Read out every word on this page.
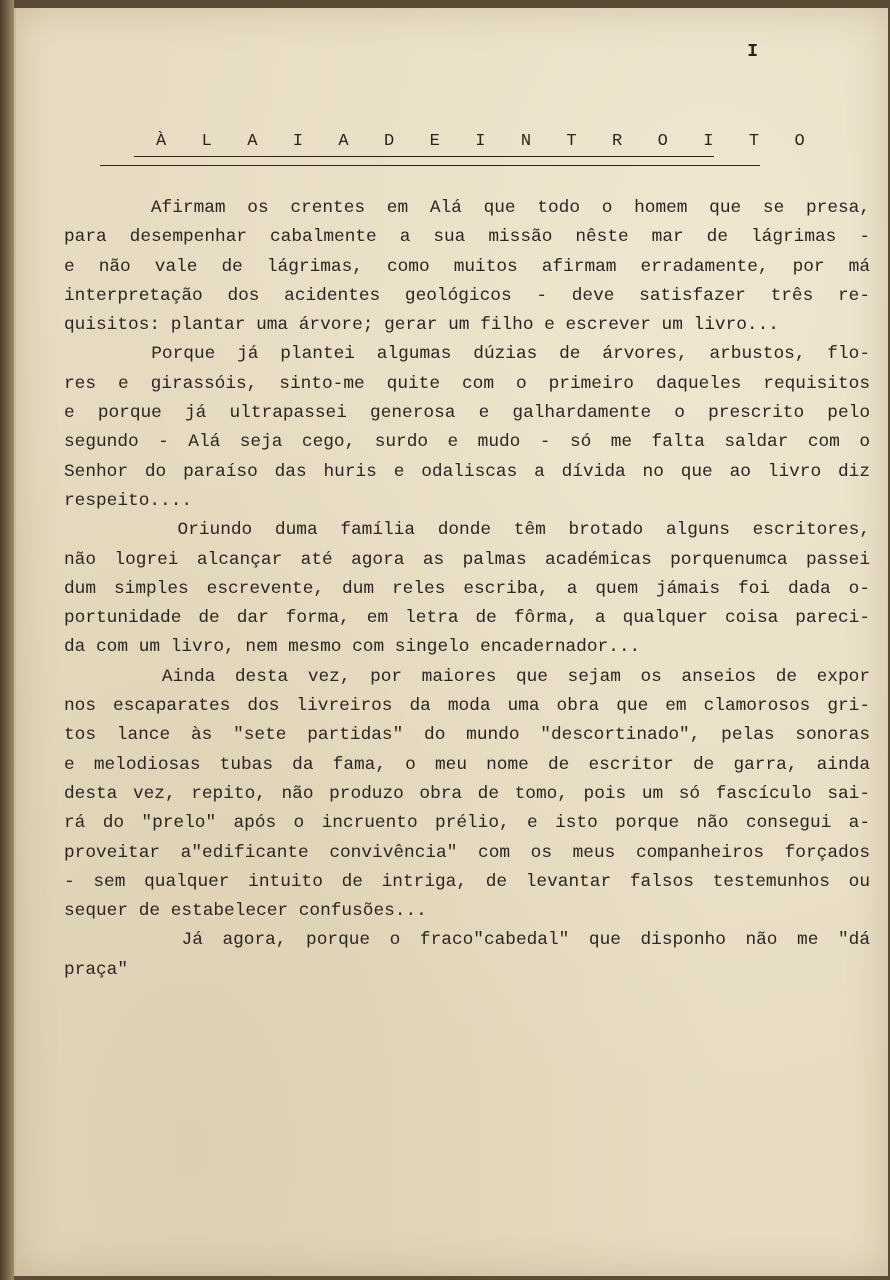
I
À L A I A D E I N T R O I T O
Afirmam os crentes em Alá que todo o homem que se presa,
para desempenhar cabalmente a sua missão nêste mar de lágrimas -
e não vale de lágrimas, como muitos afirmam erradamente, por má
interpretação dos acidentes geológicos - deve satisfazer três re-
quisitos: plantar uma árvore; gerar um filho e escrever um livro...
Porque já plantei algumas dúzias de árvores, arbustos, flo-
res e girassóis, sinto-me quite com o primeiro daqueles requisitos
e porque já ultrapassei generosa e galhardamente o prescrito pelo
segundo - Alá seja cego, surdo e mudo - só me falta saldar com o
Senhor do paraíso das huris e odaliscas a dívida no que ao livro diz
respeito....
Oriundo duma família donde têm brotado alguns escritores,
não logrei alcançar até agora as palmas académicas porquenumca passei
dum simples escrevente, dum reles escriba, a quem jámais foi dada o-
portunidade de dar forma, em letra de fôrma, a qualquer coisa pareci-
da com um livro, nem mesmo com singelo encadernador...
Ainda desta vez, por maiores que sejam os anseios de expor
nos escaparates dos livreiros da moda uma obra que em clamorosos gri-
tos lance às "sete partidas" do mundo "descortinado", pelas sonoras
e melodiosas tubas da fama, o meu nome de escritor de garra, ainda
desta vez, repito, não produzo obra de tomo, pois um só fascículo sai-
rá do "prelo" após o incruento prélio, e isto porque não consegui a-
proveitar a"edificante convivência" com os meus companheiros forçados
- sem qualquer intuito de intriga, de levantar falsos testemunhos ou
sequer de estabelecer confusões...
Já agora, porque o fraco"cabedal" que disponho não me "dá
praça"
